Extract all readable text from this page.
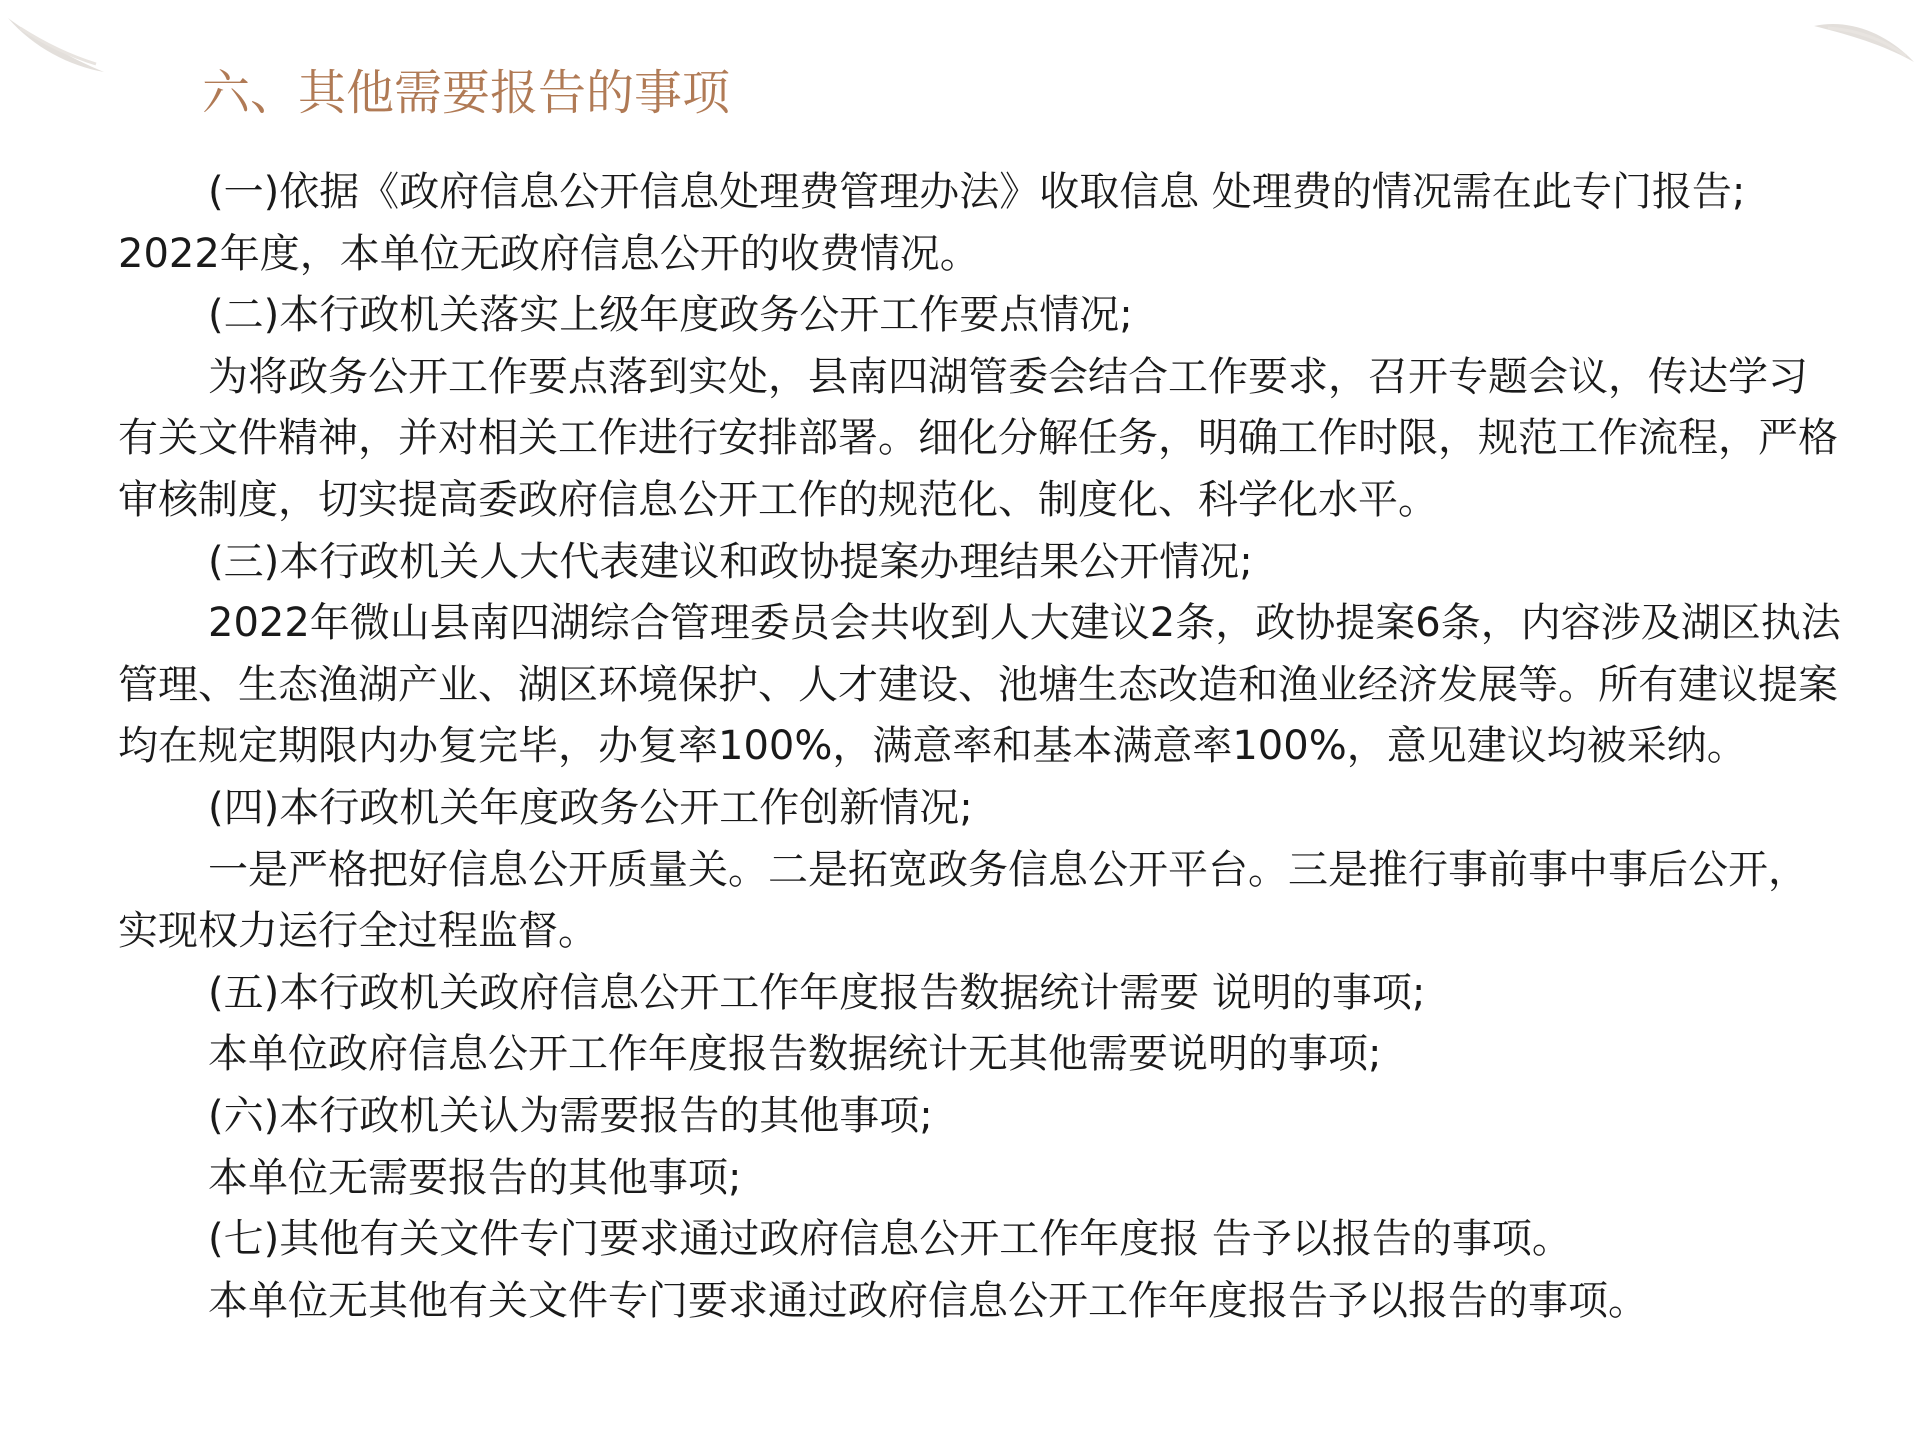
六、其他需要报告的事项

(一)依据《政府信息公开信息处理费管理办法》收取信息 处理费的情况需在此专门报告; 2022年度，本单位无政府信息公开的收费情况。

(二)本行政机关落实上级年度政务公开工作要点情况;

为将政务公开工作要点落到实处，县南四湖管委会结合工作要求，召开专题会议，传达学习有关文件精神，并对相关工作进行安排部署。细化分解任务，明确工作时限，规范工作流程，严格审核制度，切实提高委政府信息公开工作的规范化、制度化、科学化水平。

(三)本行政机关人大代表建议和政协提案办理结果公开情况;

2022年微山县南四湖综合管理委员会共收到人大建议2条，政协提案6条，内容涉及湖区执法管理、生态渔湖产业、湖区环境保护、人才建设、池塘生态改造和渔业经济发展等。所有建议提案均在规定期限内办复完毕，办复率100%，满意率和基本满意率100%，意见建议均被采纳。

(四)本行政机关年度政务公开工作创新情况;

一是严格把好信息公开质量关。二是拓宽政务信息公开平台。三是推行事前事中事后公开，实现权力运行全过程监督。

(五)本行政机关政府信息公开工作年度报告数据统计需要 说明的事项;

本单位政府信息公开工作年度报告数据统计无其他需要说明的事项;

(六)本行政机关认为需要报告的其他事项;

本单位无需要报告的其他事项;

(七)其他有关文件专门要求通过政府信息公开工作年度报 告予以报告的事项。

本单位无其他有关文件专门要求通过政府信息公开工作年度报告予以报告的事项。
